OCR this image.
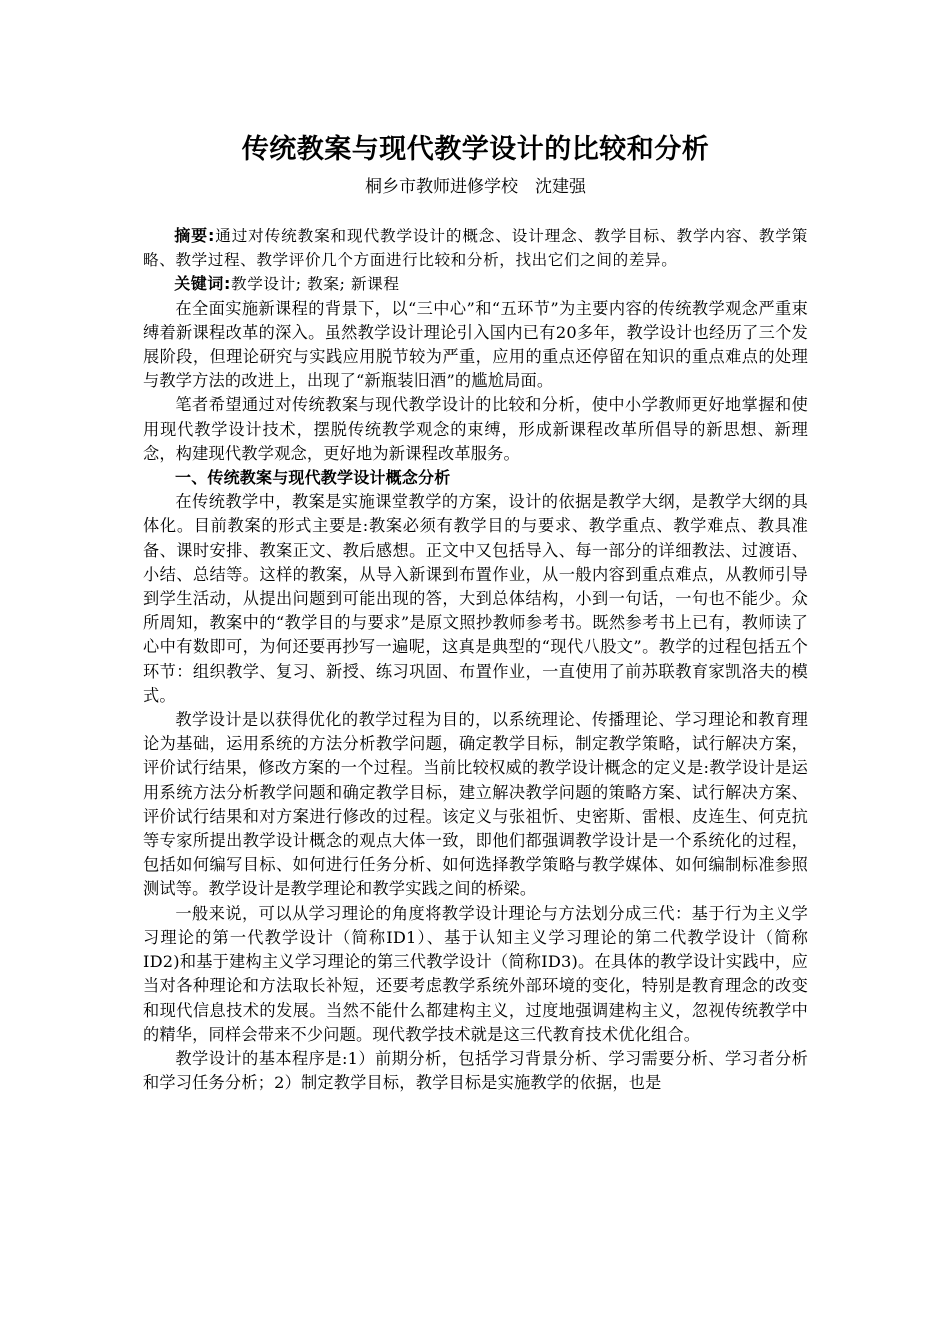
传统教案与现代教学设计的比较和分析
桐乡市教师进修学校　沈建强

摘要:通过对传统教案和现代教学设计的概念、设计理念、教学目标、教学内容、教学策略、教学过程、教学评价几个方面进行比较和分析，找出它们之间的差异。

关键词:教学设计; 教案; 新课程

在全面实施新课程的背景下，以“三中心”和“五环节”为主要内容的传统教学观念严重束缚着新课程改革的深入。虽然教学设计理论引入国内已有20多年，教学设计也经历了三个发展阶段，但理论研究与实践应用脱节较为严重，应用的重点还停留在知识的重点难点的处理与教学方法的改进上，出现了“新瓶装旧酒”的尴尬局面。

笔者希望通过对传统教案与现代教学设计的比较和分析，使中小学教师更好地掌握和使用现代教学设计技术，摆脱传统教学观念的束缚，形成新课程改革所倡导的新思想、新理念，构建现代教学观念，更好地为新课程改革服务。

一、传统教案与现代教学设计概念分析

在传统教学中，教案是实施课堂教学的方案，设计的依据是教学大纲，是教学大纲的具体化。目前教案的形式主要是:教案必须有教学目的与要求、教学重点、教学难点、教具准备、课时安排、教案正文、教后感想。正文中又包括导入、每一部分的详细教法、过渡语、小结、总结等。这样的教案，从导入新课到布置作业，从一般内容到重点难点，从教师引导到学生活动，从提出问题到可能出现的答，大到总体结构，小到一句话，一句也不能少。众所周知，教案中的“教学目的与要求”是原文照抄教师参考书。既然参考书上已有，教师读了心中有数即可，为何还要再抄写一遍呢，这真是典型的“现代八股文”。教学的过程包括五个环节：组织教学、复习、新授、练习巩固、布置作业，一直使用了前苏联教育家凯洛夫的模式。

教学设计是以获得优化的教学过程为目的，以系统理论、传播理论、学习理论和教育理论为基础，运用系统的方法分析教学问题，确定教学目标，制定教学策略，试行解决方案，评价试行结果，修改方案的一个过程。当前比较权威的教学设计概念的定义是:教学设计是运用系统方法分析教学问题和确定教学目标，建立解决教学问题的策略方案、试行解决方案、评价试行结果和对方案进行修改的过程。该定义与张祖忻、史密斯、雷根、皮连生、何克抗等专家所提出教学设计概念的观点大体一致，即他们都强调教学设计是一个系统化的过程，包括如何编写目标、如何进行任务分析、如何选择教学策略与教学媒体、如何编制标准参照测试等。教学设计是教学理论和教学实践之间的桥梁。

一般来说，可以从学习理论的角度将教学设计理论与方法划分成三代：基于行为主义学习理论的第一代教学设计（简称ID1）、基于认知主义学习理论的第二代教学设计（简称ID2)和基于建构主义学习理论的第三代教学设计（简称ID3)。在具体的教学设计实践中，应当对各种理论和方法取长补短，还要考虑教学系统外部环境的变化，特别是教育理念的改变和现代信息技术的发展。当然不能什么都建构主义，过度地强调建构主义，忽视传统教学中的精华，同样会带来不少问题。现代教学技术就是这三代教育技术优化组合。

教学设计的基本程序是:1）前期分析，包括学习背景分析、学习需要分析、学习者分析和学习任务分析；2）制定教学目标，教学目标是实施教学的依据，也是
